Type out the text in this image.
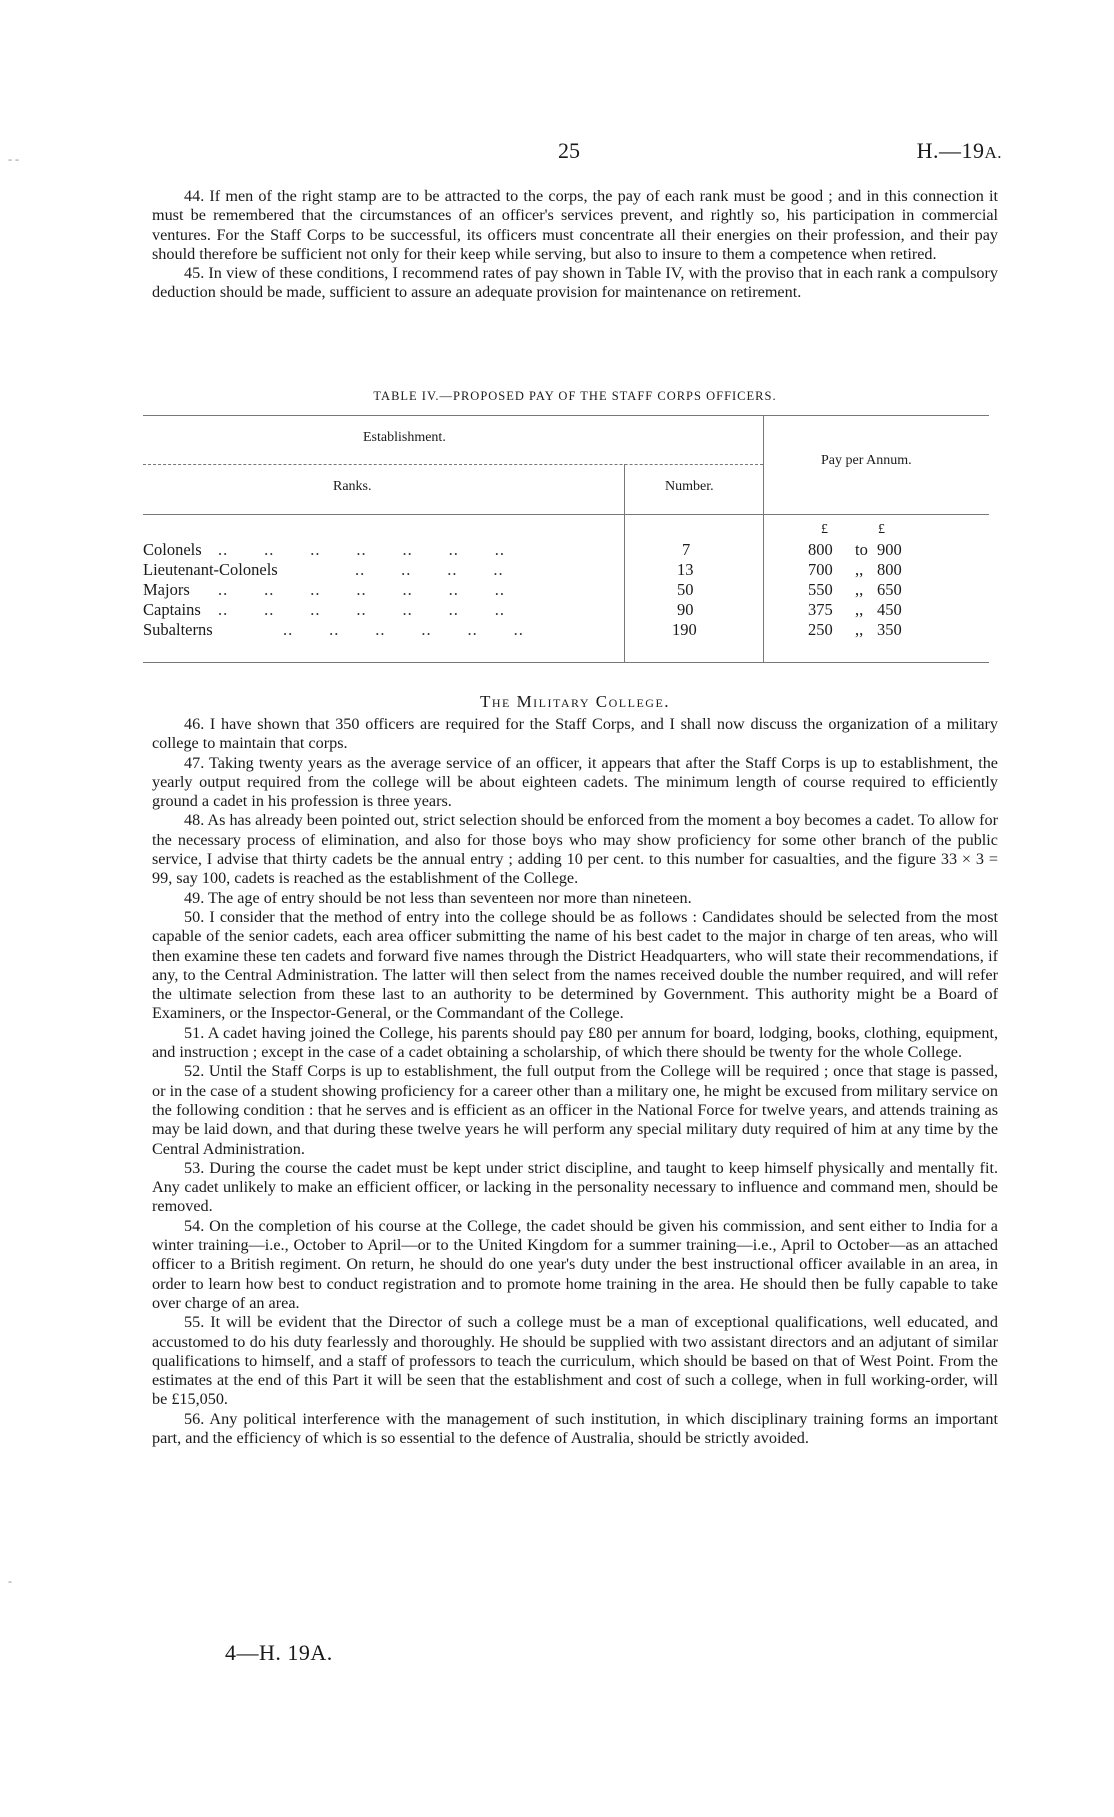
- -
-
25	H.—19A.

44. If men of the right stamp are to be attracted to the corps, the pay of each rank must be good ; and in this connection it must be remembered that the circumstances of an officer's services prevent, and rightly so, his participation in commercial ventures. For the Staff Corps to be successful, its officers must concentrate all their energies on their profession, and their pay should therefore be sufficient not only for their keep while serving, but also to insure to them a competence when retired.

45. In view of these conditions, I recommend rates of pay shown in Table IV, with the proviso that in each rank a compulsory deduction should be made, sufficient to assure an adequate provision for maintenance on retirement.

TABLE IV.—PROPOSED PAY OF THE STAFF CORPS OFFICERS.
Establishment.
Ranks.	Number.
Pay per Annum.
£	£
Colonels ..       ..       ..       ..       ..       ..       ..	7	800 to 900
Lieutenant-Colonels	..       ..       ..       ..	13	700 ,, 800
Majors ..       ..       ..       ..       ..       ..       ..	50	550 ,, 650
Captains ..       ..       ..       ..       ..       ..       ..	90	375 ,, 450
Subalterns	..       ..       ..       ..       ..       ..	190	250 ,, 350
The Military College.

46. I have shown that 350 officers are required for the Staff Corps, and I shall now discuss the organization of a military college to maintain that corps.

47. Taking twenty years as the average service of an officer, it appears that after the Staff Corps is up to establishment, the yearly output required from the college will be about eighteen cadets. The minimum length of course required to efficiently ground a cadet in his profession is three years.

48. As has already been pointed out, strict selection should be enforced from the moment a boy becomes a cadet. To allow for the necessary process of elimination, and also for those boys who may show proficiency for some other branch of the public service, I advise that thirty cadets be the annual entry ; adding 10 per cent. to this number for casualties, and the figure 33 × 3 = 99, say 100, cadets is reached as the establishment of the College.

49. The age of entry should be not less than seventeen nor more than nineteen.

50. I consider that the method of entry into the college should be as follows : Candidates should be selected from the most capable of the senior cadets, each area officer submitting the name of his best cadet to the major in charge of ten areas, who will then examine these ten cadets and forward five names through the District Headquarters, who will state their recommendations, if any, to the Central Administration. The latter will then select from the names received double the number required, and will refer the ultimate selection from these last to an authority to be determined by Government. This authority might be a Board of Examiners, or the Inspector-General, or the Commandant of the College.

51. A cadet having joined the College, his parents should pay £80 per annum for board, lodging, books, clothing, equipment, and instruction ; except in the case of a cadet obtaining a scholarship, of which there should be twenty for the whole College.

52. Until the Staff Corps is up to establishment, the full output from the College will be required ; once that stage is passed, or in the case of a student showing proficiency for a career other than a military one, he might be excused from military service on the following condition : that he serves and is efficient as an officer in the National Force for twelve years, and attends training as may be laid down, and that during these twelve years he will perform any special military duty required of him at any time by the Central Administration.

53. During the course the cadet must be kept under strict discipline, and taught to keep himself physically and mentally fit. Any cadet unlikely to make an efficient officer, or lacking in the personality necessary to influence and command men, should be removed.

54. On the completion of his course at the College, the cadet should be given his commission, and sent either to India for a winter training—i.e., October to April—or to the United Kingdom for a summer training—i.e., April to October—as an attached officer to a British regiment. On return, he should do one year's duty under the best instructional officer available in an area, in order to learn how best to conduct registration and to promote home training in the area. He should then be fully capable to take over charge of an area.

55. It will be evident that the Director of such a college must be a man of exceptional qualifications, well educated, and accustomed to do his duty fearlessly and thoroughly. He should be supplied with two assistant directors and an adjutant of similar qualifications to himself, and a staff of professors to teach the curriculum, which should be based on that of West Point. From the estimates at the end of this Part it will be seen that the establishment and cost of such a college, when in full working-order, will be £15,050.

56. Any political interference with the management of such institution, in which disciplinary training forms an important part, and the efficiency of which is so essential to the defence of Australia, should be strictly avoided.

4—H. 19A.
